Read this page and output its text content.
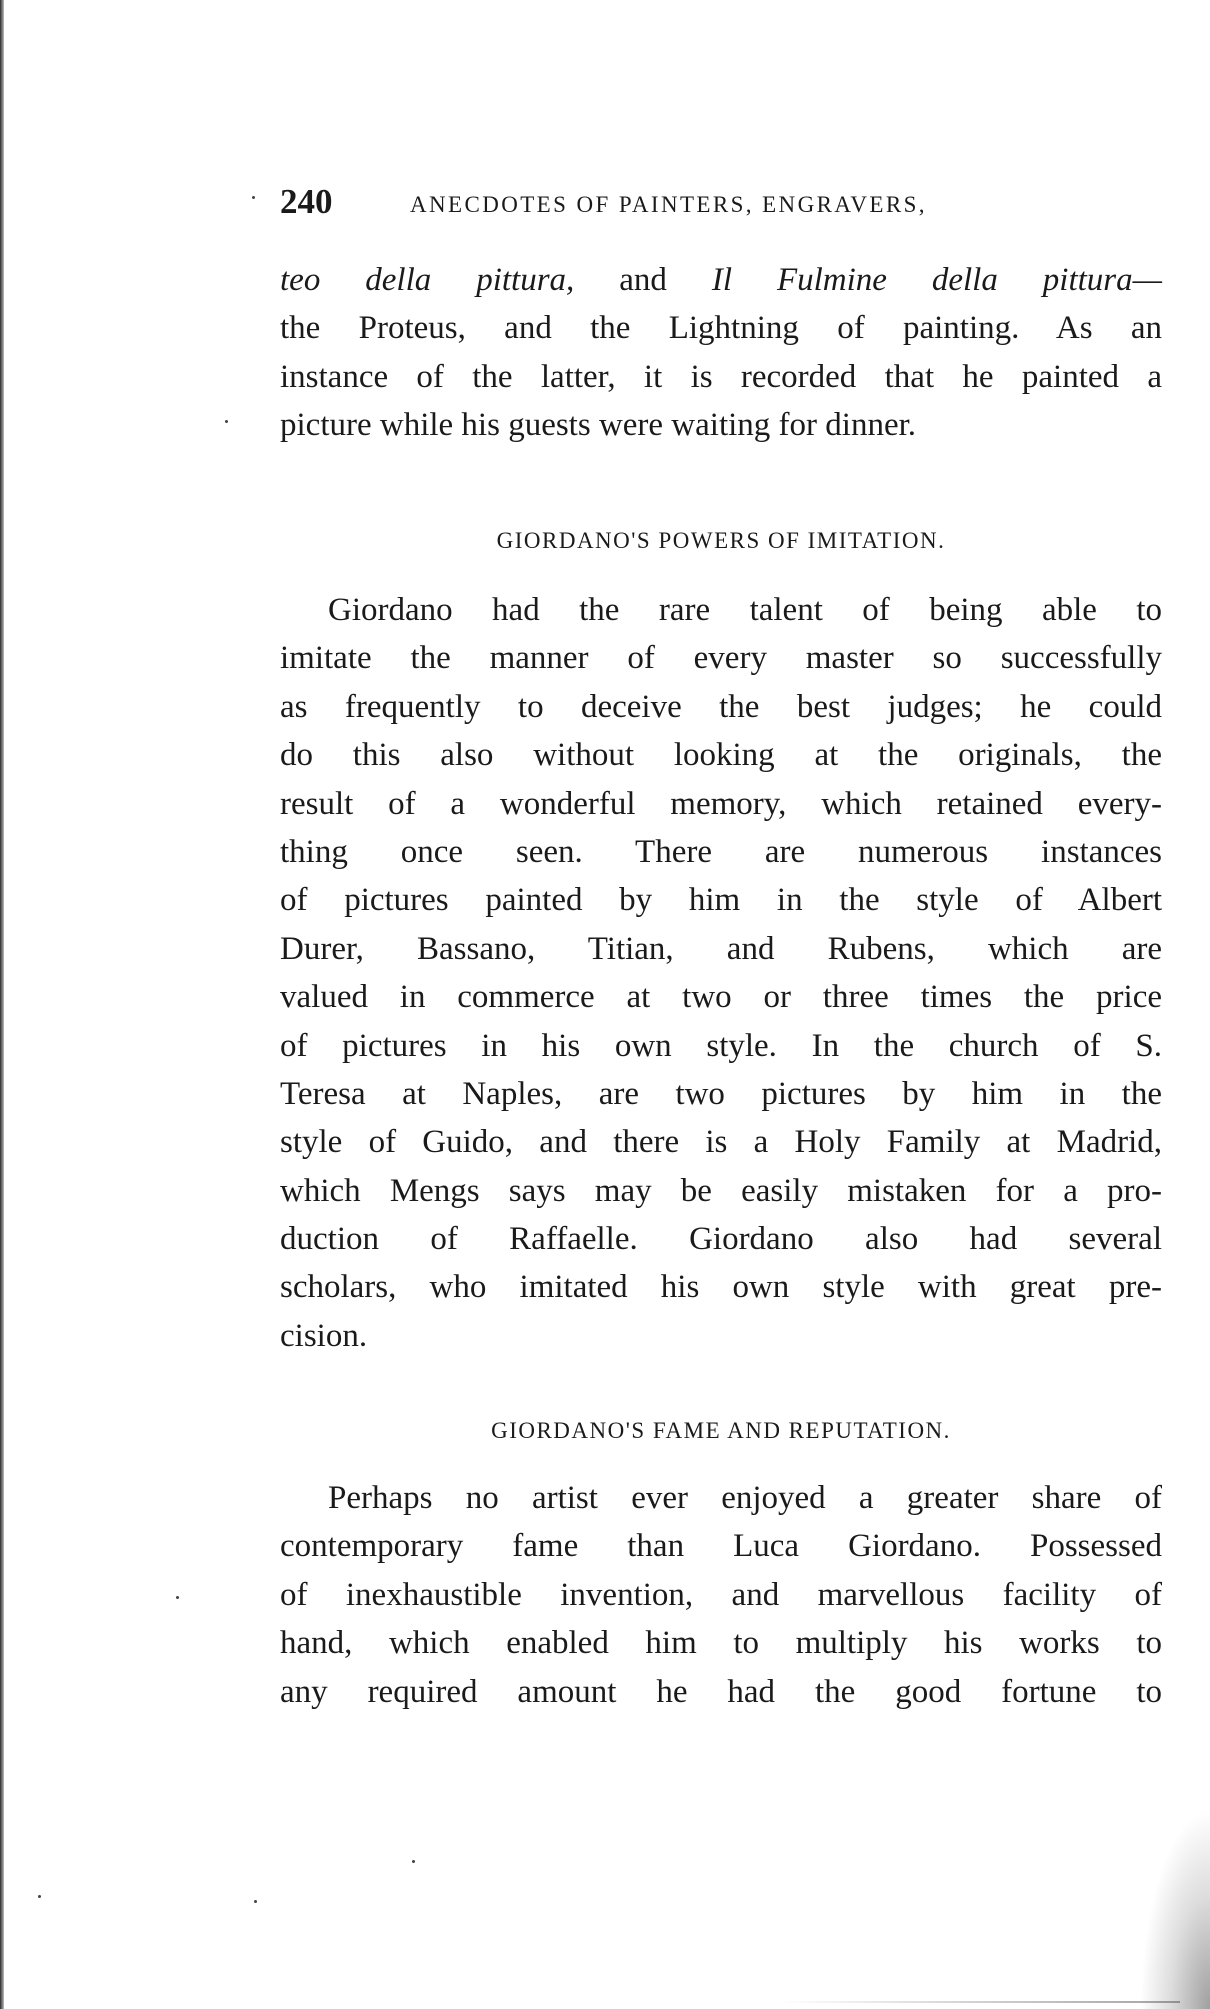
240	ANECDOTES OF PAINTERS, ENGRAVERS,
teo della pittura, and Il Fulmine della pittura—
the Proteus, and the Lightning of painting. As an
instance of the latter, it is recorded that he painted a
picture while his guests were waiting for dinner.
GIORDANO'S POWERS OF IMITATION.
Giordano had the rare talent of being able to
imitate the manner of every master so successfully
as frequently to deceive the best judges; he could
do this also without looking at the originals, the
result of a wonderful memory, which retained every-
thing once seen. There are numerous instances
of pictures painted by him in the style of Albert
Durer, Bassano, Titian, and Rubens, which are
valued in commerce at two or three times the price
of pictures in his own style. In the church of S.
Teresa at Naples, are two pictures by him in the
style of Guido, and there is a Holy Family at Madrid,
which Mengs says may be easily mistaken for a pro-
duction of Raffaelle. Giordano also had several
scholars, who imitated his own style with great pre-
cision.
GIORDANO'S FAME AND REPUTATION.
Perhaps no artist ever enjoyed a greater share of
contemporary fame than Luca Giordano. Possessed
of inexhaustible invention, and marvellous facility of
hand, which enabled him to multiply his works to
any required amount he had the good fortune to
